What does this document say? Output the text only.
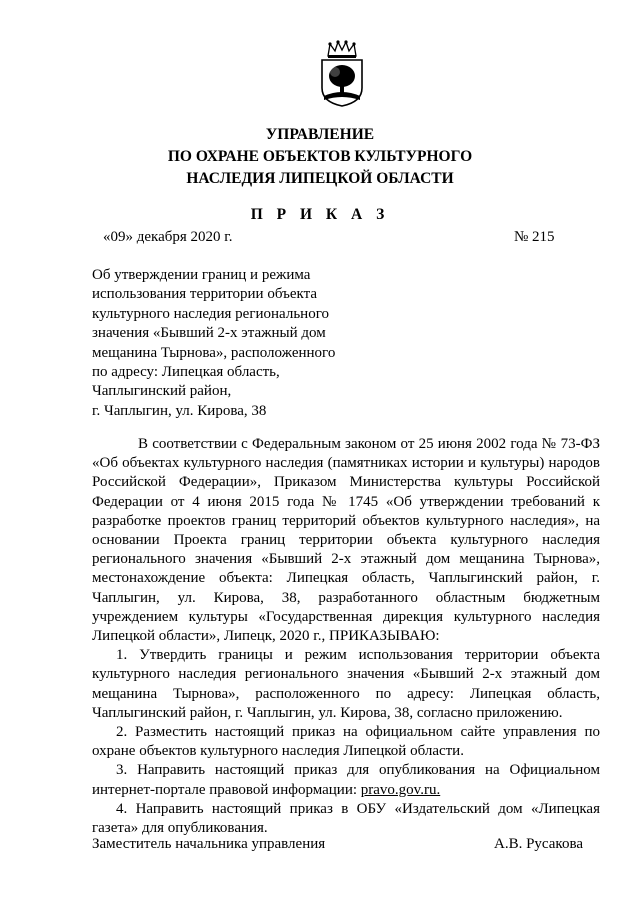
УПРАВЛЕНИЕ
ПО ОХРАНЕ ОБЪЕКТОВ КУЛЬТУРНОГО
НАСЛЕДИЯ ЛИПЕЦКОЙ ОБЛАСТИ
П Р И К А З
«09» декабря 2020 г.	№ 215
Об утверждении границ и режима
использования территории объекта
культурного наследия регионального
значения «Бывший 2-х этажный дом
мещанина Тырнова», расположенного
по адресу: Липецкая область,
Чаплыгинский район,
г. Чаплыгин, ул. Кирова, 38

В соответствии с Федеральным законом от 25 июня 2002 года № 73-ФЗ «Об объектах культурного наследия (памятниках истории и культуры) народов Российской Федерации», Приказом Министерства культуры Российской Федерации от 4 июня 2015 года № 1745 «Об утверждении требований к разработке проектов границ территорий объектов культурного наследия», на основании Проекта границ территории объекта культурного наследия регионального значения «Бывший 2-х этажный дом мещанина Тырнова», местонахождение объекта: Липецкая область, Чаплыгинский район, г. Чаплыгин, ул. Кирова, 38, разработанного областным бюджетным учреждением культуры «Государственная дирекция культурного наследия Липецкой области», Липецк, 2020 г., ПРИКАЗЫВАЮ:

1. Утвердить границы и режим использования территории объекта культурного наследия регионального значения «Бывший 2-х этажный дом мещанина Тырнова», расположенного по адресу: Липецкая область, Чаплыгинский район, г. Чаплыгин, ул. Кирова, 38, согласно приложению.

2. Разместить настоящий приказ на официальном сайте управления по охране объектов культурного наследия Липецкой области.

3. Направить настоящий приказ для опубликования на Официальном интернет-портале правовой информации: pravo.gov.ru.

4. Направить настоящий приказ в ОБУ «Издательский дом «Липецкая газета» для опубликования.

Заместитель начальника управления	А.В. Русакова
